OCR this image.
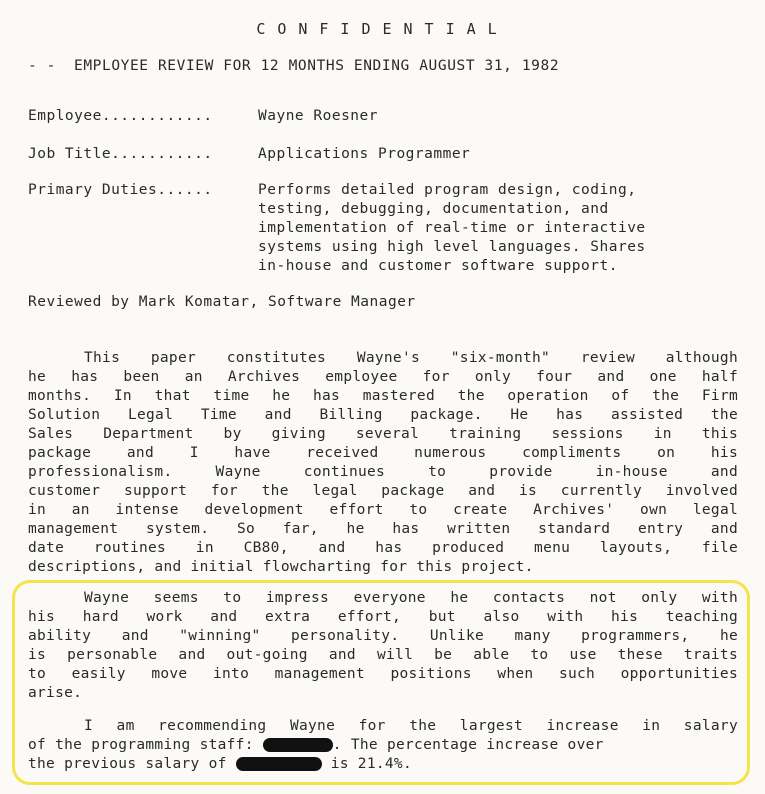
CONFIDENTIAL
- - EMPLOYEE REVIEW FOR 12 MONTHS ENDING AUGUST 31, 1982
Employee............	Wayne Roesner
Job Title...........	Applications Programmer
Primary Duties......	Performs detailed program design, coding,
testing, debugging, documentation, and
implementation of real-time or interactive
systems using high level languages. Shares
in-house and customer software support.
Reviewed by Mark Komatar, Software Manager
This paper constitutes Wayne's "six-month" review although
he has been an Archives employee for only four and one half
months. In that time he has mastered the operation of the Firm
Solution Legal Time and Billing package. He has assisted the
Sales Department by giving several training sessions in this
package and I have received numerous compliments on his
professionalism. Wayne continues to provide in-house and
customer support for the legal package and is currently involved
in an intense development effort to create Archives' own legal
management system. So far, he has written standard entry and
date routines in CB80, and has produced menu layouts, file
descriptions, and initial flowcharting for this project.
Wayne seems to impress everyone he contacts not only with
his hard work and extra effort, but also with his teaching
ability and "winning" personality. Unlike many programmers, he
is personable and out-going and will be able to use these traits
to easily move into management positions when such opportunities
arise.
I am recommending Wayne for the largest increase in salary
of the programming staff:	. The percentage increase over
the previous salary of	is 21.4%.
